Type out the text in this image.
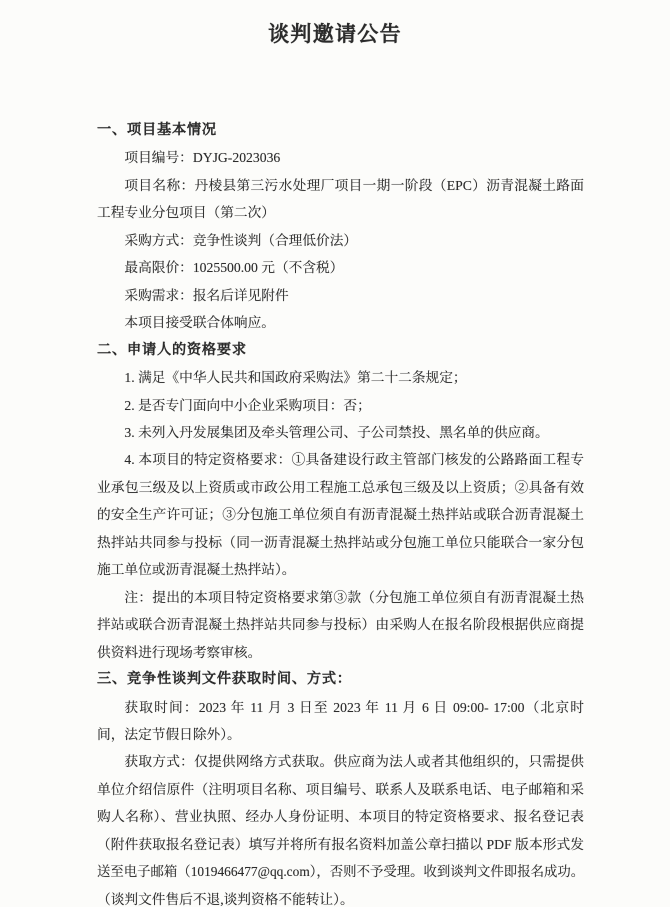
谈判邀请公告
一、项目基本情况
项目编号：DYJG-2023036
项目名称：丹棱县第三污水处理厂项目一期一阶段（EPC）沥青混凝土路面
工程专业分包项目（第二次）
采购方式：竞争性谈判（合理低价法）
最高限价：1025500.00 元（不含税）
采购需求：报名后详见附件
本项目接受联合体响应。
二、申请人的资格要求
1. 满足《中华人民共和国政府采购法》第二十二条规定；
2. 是否专门面向中小企业采购项目：否；
3. 未列入丹发展集团及牵头管理公司、子公司禁投、黑名单的供应商。
4. 本项目的特定资格要求：①具备建设行政主管部门核发的公路路面工程专
业承包三级及以上资质或市政公用工程施工总承包三级及以上资质；②具备有效
的安全生产许可证；③分包施工单位须自有沥青混凝土热拌站或联合沥青混凝土
热拌站共同参与投标（同一沥青混凝土热拌站或分包施工单位只能联合一家分包
施工单位或沥青混凝土热拌站）。
注：提出的本项目特定资格要求第③款（分包施工单位须自有沥青混凝土热
拌站或联合沥青混凝土热拌站共同参与投标）由采购人在报名阶段根据供应商提
供资料进行现场考察审核。
三、竞争性谈判文件获取时间、方式：
获取时间：2023 年 11 月 3 日至 2023 年 11 月 6 日 09:00- 17:00（北京时
间，法定节假日除外）。
获取方式：仅提供网络方式获取。供应商为法人或者其他组织的，只需提供
单位介绍信原件（注明项目名称、项目编号、联系人及联系电话、电子邮箱和采
购人名称）、营业执照、经办人身份证明、本项目的特定资格要求、报名登记表
（附件获取报名登记表）填写并将所有报名资料加盖公章扫描以 PDF 版本形式发
送至电子邮箱（1019466477@qq.com），否则不予受理。收到谈判文件即报名成功。
（谈判文件售后不退,谈判资格不能转让）。
